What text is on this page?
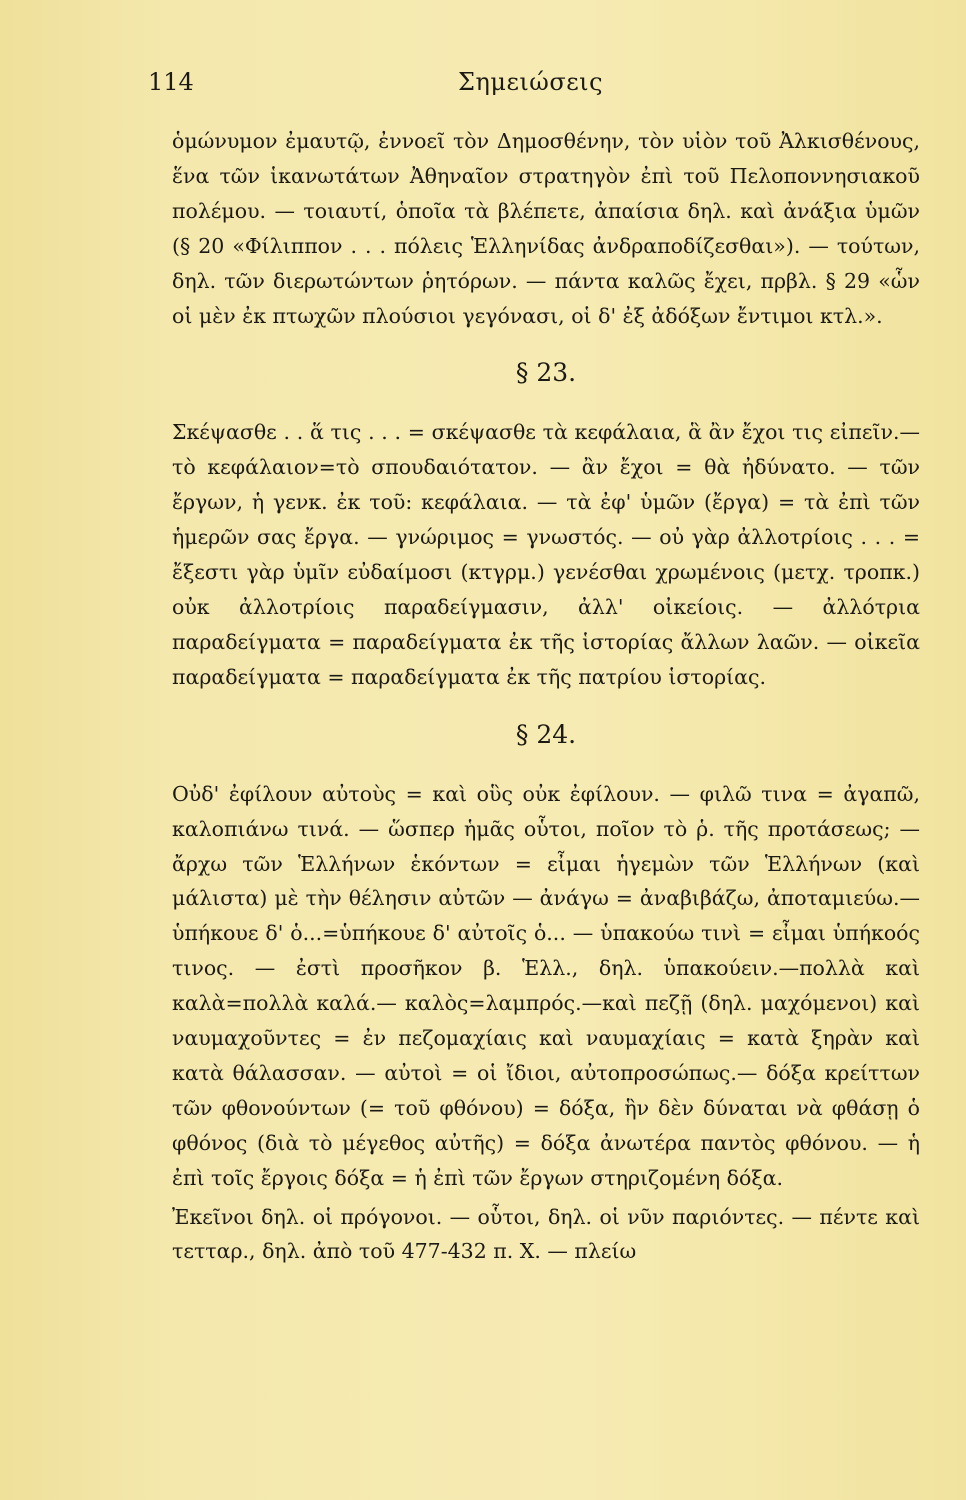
114	Σημειώσεις

ὁμώνυμον ἐμαυτῷ, ἐννοεῖ τὸν Δημοσθένην, τὸν υἱὸν τοῦ Ἀλκισθένους, ἕνα τῶν ἱκανωτάτων Ἀθηναῖον στρατηγὸν ἐπὶ τοῦ Πελοποννησιακοῦ πολέμου. — τοιαυτί, ὁποῖα τὰ βλέπετε, ἀπαίσια δηλ. καὶ ἀνάξια ὑμῶν (§ 20 «Φίλιππον . . . πόλεις Ἑλληνίδας ἀνδραποδίζεσθαι»). — τούτων, δηλ. τῶν διερωτώντων ῥητόρων. — πάντα καλῶς ἔχει, πρβλ. § 29 «ὧν οἱ μὲν ἐκ πτωχῶν πλούσιοι γεγόνασι, οἱ δ' ἐξ ἀδόξων ἔντιμοι κτλ.».

§ 23.

Σκέψασθε . . ἅ τις . . . = σκέψασθε τὰ κεφάλαια, ἃ ἂν ἔχοι τις εἰπεῖν.—τὸ κεφάλαιον=τὸ σπουδαιότατον. — ἂν ἔχοι = θὰ ἠδύνατο. — τῶν ἔργων, ἡ γενκ. ἐκ τοῦ: κεφάλαια. — τὰ ἐφ' ὑμῶν (ἔργα) = τὰ ἐπὶ τῶν ἡμερῶν σας ἔργα. — γνώριμος = γνωστός. — οὐ γὰρ ἀλλοτρίοις . . . = ἔξεστι γὰρ ὑμῖν εὐδαίμοσι (κτγρμ.) γενέσθαι χρωμένοις (μετχ. τροπκ.) οὐκ ἀλλοτρίοις παραδείγμασιν, ἀλλ' οἰκείοις. — ἀλλότρια παραδείγματα = παραδείγματα ἐκ τῆς ἱστορίας ἄλλων λαῶν. — οἰκεῖα παραδείγματα = παραδείγματα ἐκ τῆς πατρίου ἱστορίας.

§ 24.

Οὐδ' ἐφίλουν αὐτοὺς = καὶ οὓς οὐκ ἐφίλουν. — φιλῶ τινα = ἀγαπῶ, καλοπιάνω τινά. — ὥσπερ ἡμᾶς οὗτοι, ποῖον τὸ ῥ. τῆς προτάσεως; — ἄρχω τῶν Ἑλλήνων ἑκόντων = εἶμαι ἡγεμὼν τῶν Ἑλλήνων (καὶ μάλιστα) μὲ τὴν θέλησιν αὐτῶν — ἀνάγω = ἀναβιβάζω, ἀποταμιεύω.—ὑπήκουε δ' ὁ...=ὑπήκουε δ' αὐτοῖς ὁ... — ὑπακούω τινὶ = εἶμαι ὑπήκοός τινος. — ἐστὶ προσῆκον β. Ἑλλ., δηλ. ὑπακούειν.—πολλὰ καὶ καλὰ=πολλὰ καλά.— καλὸς=λαμπρός.—καὶ πεζῇ (δηλ. μαχόμενοι) καὶ ναυμαχοῦντες = ἐν πεζομαχίαις καὶ ναυμαχίαις = κατὰ ξηρὰν καὶ κατὰ θάλασσαν. — αὐτοὶ = οἱ ἴδιοι, αὐτοπροσώπως.— δόξα κρείττων τῶν φθονούντων (= τοῦ φθόνου) = δόξα, ἣν δὲν δύναται νὰ φθάσῃ ὁ φθόνος (διὰ τὸ μέγεθος αὐτῆς) = δόξα ἀνωτέρα παντὸς φθόνου. — ἡ ἐπὶ τοῖς ἔργοις δόξα = ἡ ἐπὶ τῶν ἔργων στηριζομένη δόξα.

Ἐκεῖνοι δηλ. οἱ πρόγονοι. — οὗτοι, δηλ. οἱ νῦν παριόντες. — πέντε καὶ τετταρ., δηλ. ἀπὸ τοῦ 477-432 π. Χ. — πλείω
